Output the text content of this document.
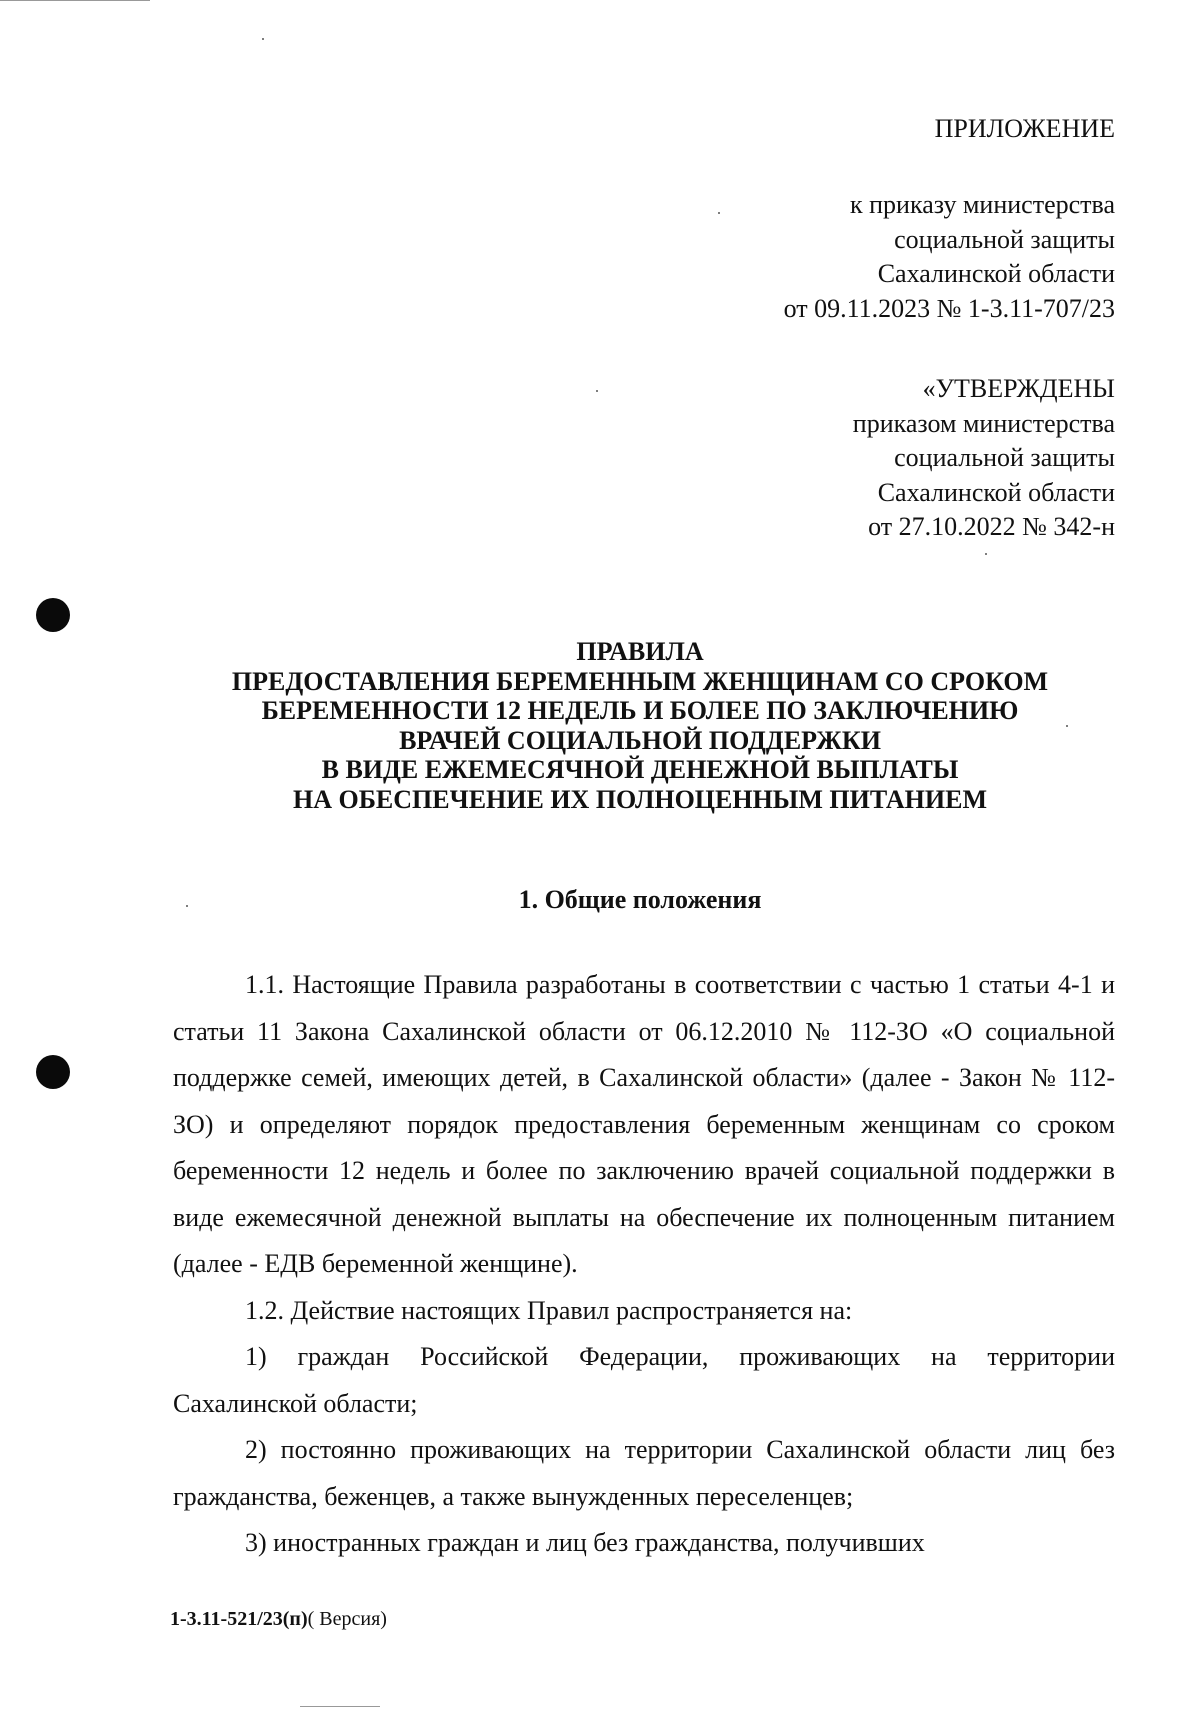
ПРИЛОЖЕНИЕ
к приказу министерства
социальной защиты
Сахалинской области
от 09.11.2023 № 1-3.11-707/23
«УТВЕРЖДЕНЫ
приказом министерства
социальной защиты
Сахалинской области
от 27.10.2022 № 342-н
ПРАВИЛА
ПРЕДОСТАВЛЕНИЯ БЕРЕМЕННЫМ ЖЕНЩИНАМ СО СРОКОМ
БЕРЕМЕННОСТИ 12 НЕДЕЛЬ И БОЛЕЕ ПО ЗАКЛЮЧЕНИЮ
ВРАЧЕЙ СОЦИАЛЬНОЙ ПОДДЕРЖКИ
В ВИДЕ ЕЖЕМЕСЯЧНОЙ ДЕНЕЖНОЙ ВЫПЛАТЫ
НА ОБЕСПЕЧЕНИЕ ИХ ПОЛНОЦЕННЫМ ПИТАНИЕМ
1. Общие положения

1.1. Настоящие Правила разработаны в соответствии с частью 1 статьи 4-1 и статьи 11 Закона Сахалинской области от 06.12.2010 № 112-ЗО «О социальной поддержке семей, имеющих детей, в Сахалинской области» (далее - Закон № 112-ЗО) и определяют порядок предоставления беременным женщинам со сроком беременности 12 недель и более по заключению врачей социальной поддержки в виде ежемесячной денежной выплаты на обеспечение их полноценным питанием (далее - ЕДВ беременной женщине).

1.2. Действие настоящих Правил распространяется на:

1) граждан Российской Федерации, проживающих на территории Сахалинской области;

2) постоянно проживающих на территории Сахалинской области лиц без гражданства, беженцев, а также вынужденных переселенцев;

3) иностранных граждан и лиц без гражданства, получивших

1-3.11-521/23(п)( Версия)
